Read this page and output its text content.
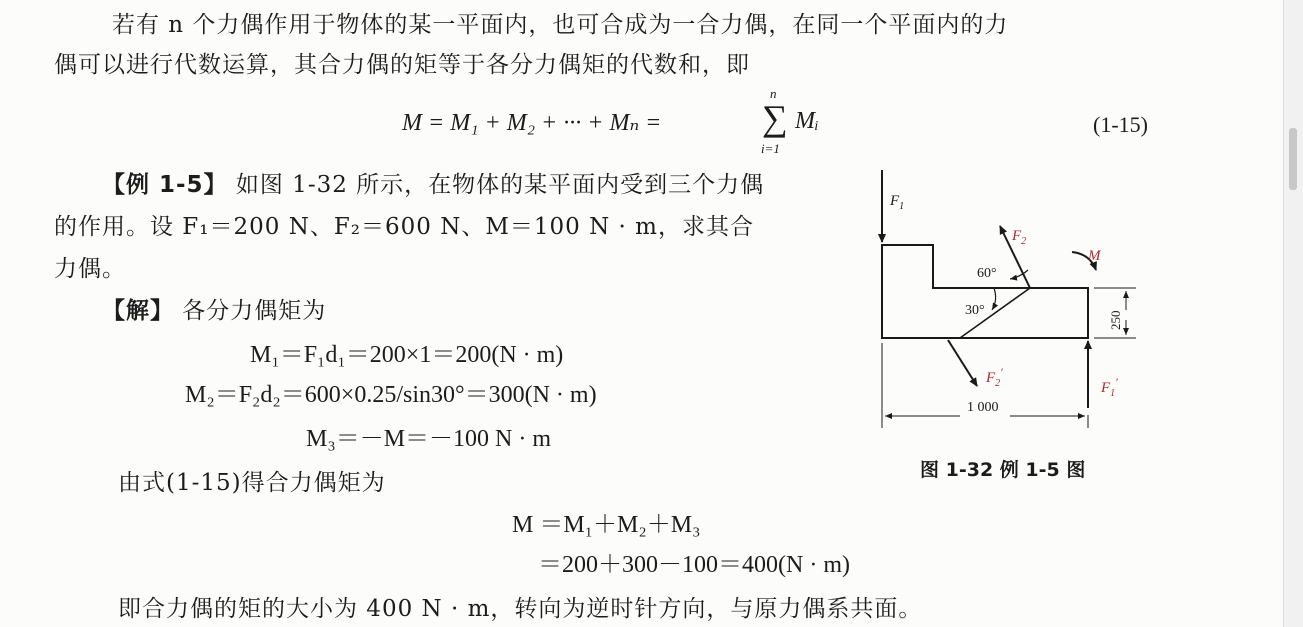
若有 n 个力偶作用于物体的某一平面内，也可合成为一合力偶，在同一个平面内的力
偶可以进行代数运算，其合力偶的矩等于各分力偶矩的代数和，即
M = M₁ + M₂ + ··· + Mₙ =	∑
n
i=1
Mᵢ	(1-15)
【例 1-5】 如图 1-32 所示，在物体的某平面内受到三个力偶
的作用。设 F₁＝200 N、F₂＝600 N、M＝100 N · m，求其合
力偶。
【解】 各分力偶矩为
M₁＝F₁d₁＝200×1＝200(N · m)
M₂＝F₂d₂＝600×0.25/sin30°＝300(N · m)
M₃＝－M＝－100 N · m
由式(1-15)得合力偶矩为
M ＝M₁＋M₂＋M₃
＝200＋300－100＝400(N · m)
即合力偶的矩的大小为 400 N · m，转向为逆时针方向，与原力偶系共面。
$F_1$
$F_2$
M
$F_2'$
$F_1'$
60°
30°	250
1 000
图 1-32 例 1-5 图
